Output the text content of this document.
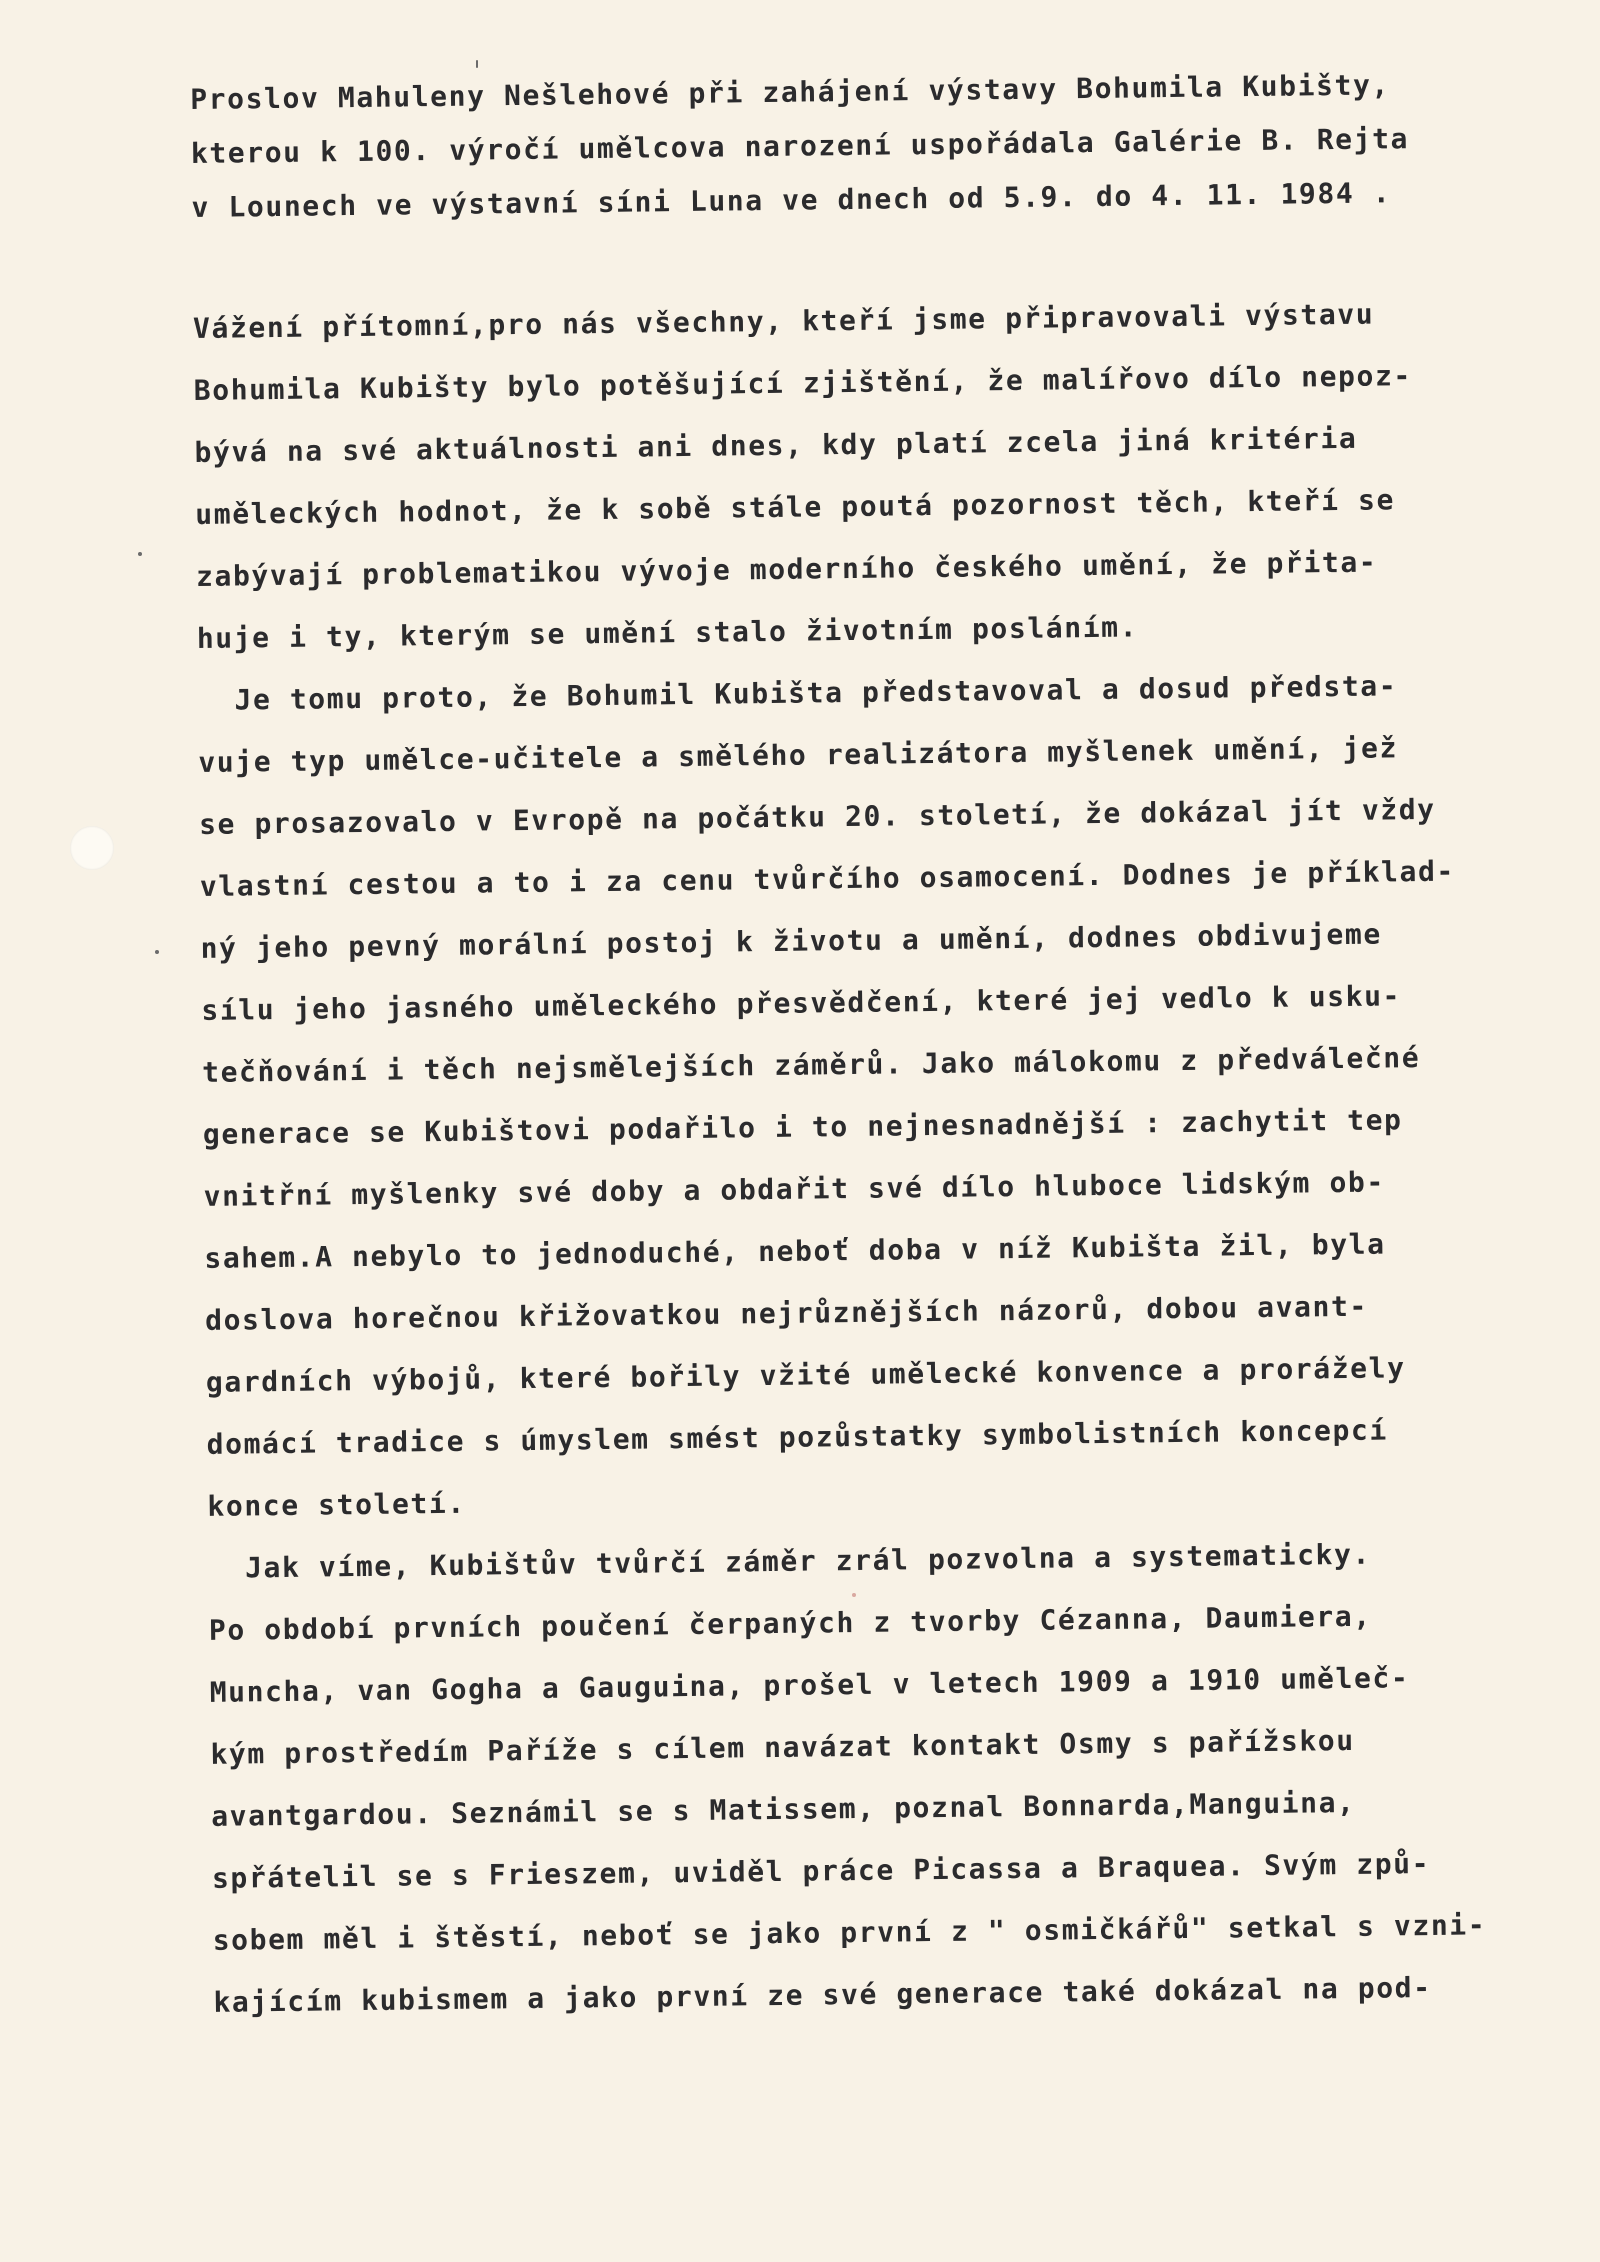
Proslov Mahuleny Nešlehové při zahájení výstavy Bohumila Kubišty,
kterou k 100. výročí umělcova narození uspořádala Galérie B. Rejta
v Lounech ve výstavní síni Luna ve dnech od 5.9. do 4. 11. 1984 .
Vážení přítomní,pro nás všechny, kteří jsme připravovali výstavu
Bohumila Kubišty bylo potěšující zjištění, že malířovo dílo nepoz-
bývá na své aktuálnosti ani dnes, kdy platí zcela jiná kritéria
uměleckých hodnot, že k sobě stále poutá pozornost těch, kteří se
zabývají problematikou vývoje moderního českého umění, že přita-
huje i ty, kterým se umění stalo životním posláním.
Je tomu proto, že Bohumil Kubišta představoval a dosud předsta-
vuje typ umělce-učitele a smělého realizátora myšlenek umění, jež
se prosazovalo v Evropě na počátku 20. století, že dokázal jít vždy
vlastní cestou a to i za cenu tvůrčího osamocení. Dodnes je příklad-
ný jeho pevný morální postoj k životu a umění, dodnes obdivujeme
sílu jeho jasného uměleckého přesvědčení, které jej vedlo k usku-
tečňování i těch nejsmělejších záměrů. Jako málokomu z předválečné
generace se Kubištovi podařilo i to nejnesnadnější : zachytit tep
vnitřní myšlenky své doby a obdařit své dílo hluboce lidským ob-
sahem.A nebylo to jednoduché, neboť doba v níž Kubišta žil, byla
doslova horečnou křižovatkou nejrůznějších názorů, dobou avant-
gardních výbojů, které bořily vžité umělecké konvence a prorážely
domácí tradice s úmyslem smést pozůstatky symbolistních koncepcí
konce století.
Jak víme, Kubištův tvůrčí záměr zrál pozvolna a systematicky.
Po období prvních poučení čerpaných z tvorby Cézanna, Daumiera,
Muncha, van Gogha a Gauguina, prošel v letech 1909 a 1910 uměleč-
kým prostředím Paříže s cílem navázat kontakt Osmy s pařížskou
avantgardou. Seznámil se s Matissem, poznal Bonnarda,Manguina,
spřátelil se s Frieszem, uviděl práce Picassa a Braquea. Svým způ-
sobem měl i štěstí, neboť se jako první z " osmičkářů" setkal s vzni-
kajícím kubismem a jako první ze své generace také dokázal na pod-
